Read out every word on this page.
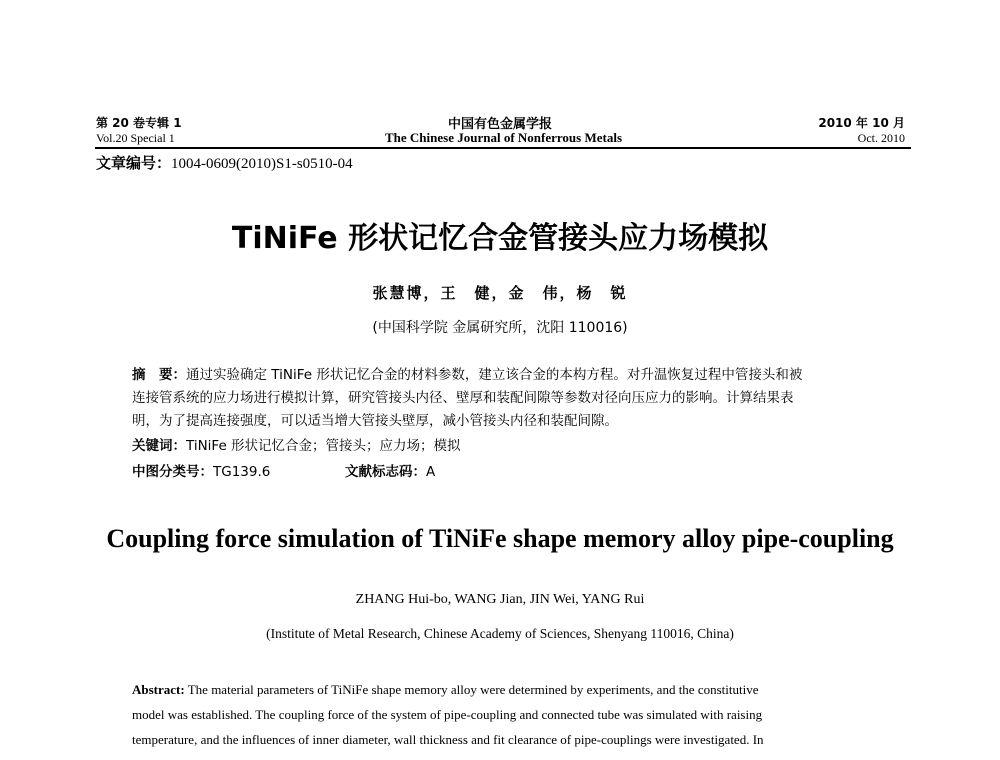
第 20 卷专辑 1
Vol.20 Special 1
中国有色金属学报
The Chinese Journal of Nonferrous Metals
2010 年 10 月
Oct. 2010
文章编号：1004-0609(2010)S1-s0510-04
TiNiFe 形状记忆合金管接头应力场模拟
张慧博，王　健，金　伟，杨　锐
(中国科学院 金属研究所，沈阳 110016)
摘　要：通过实验确定 TiNiFe 形状记忆合金的材料参数，建立该合金的本构方程。对升温恢复过程中管接头和被
连接管系统的应力场进行模拟计算，研究管接头内径、壁厚和装配间隙等参数对径向压应力的影响。计算结果表
明，为了提高连接强度，可以适当增大管接头壁厚，减小管接头内径和装配间隙。
关键词：TiNiFe 形状记忆合金；管接头；应力场；模拟
中图分类号：TG139.6	文献标志码：A
Coupling force simulation of TiNiFe shape memory alloy pipe-coupling
ZHANG Hui-bo, WANG Jian, JIN Wei, YANG Rui
(Institute of Metal Research, Chinese Academy of Sciences, Shenyang 110016, China)
Abstract: The material parameters of TiNiFe shape memory alloy were determined by experiments, and the constitutive
model was established. The coupling force of the system of pipe-coupling and connected tube was simulated with raising
temperature, and the influences of inner diameter, wall thickness and fit clearance of pipe-couplings were investigated. In
